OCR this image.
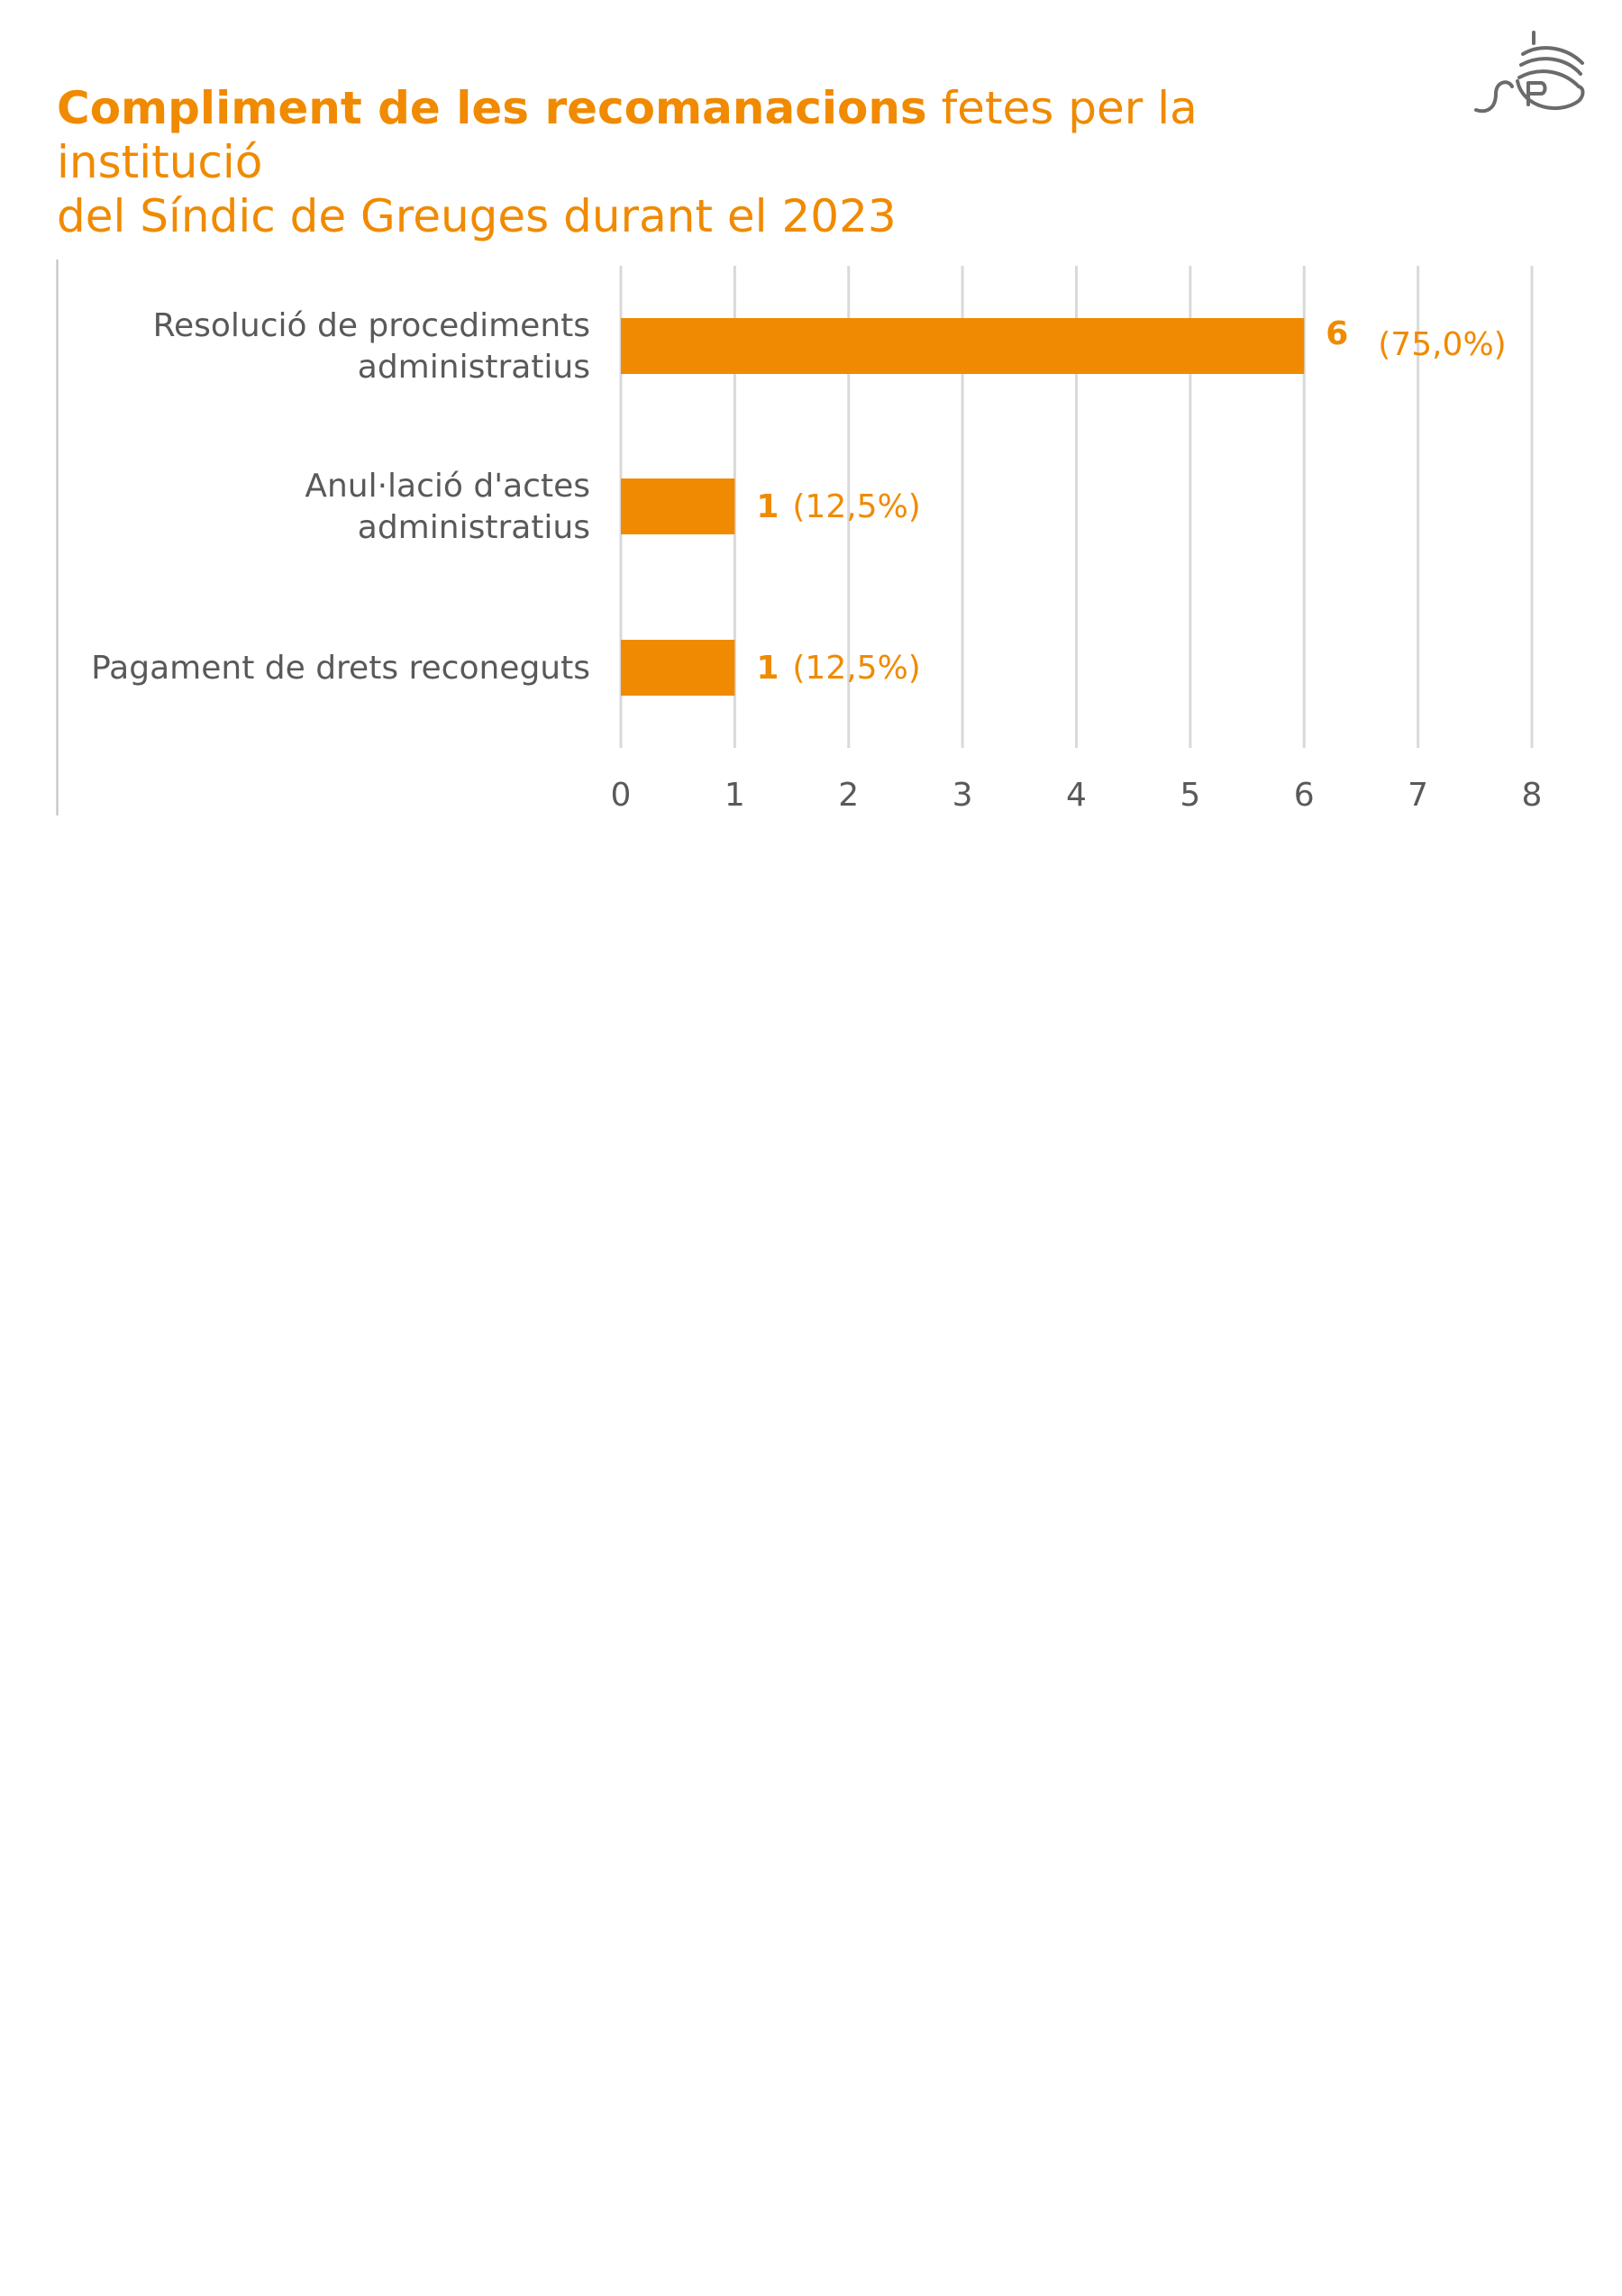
Compliment de les recomanacions fetes per la institució
del Síndic de Greuges durant el 2023
Resolució de procediments
administratius
Anul·lació d'actes
administratius
Pagament de drets reconeguts
6 (75,0%)
1 (12,5%)
1 (12,5%)
0	1	2	3	4	5	6	7	8
